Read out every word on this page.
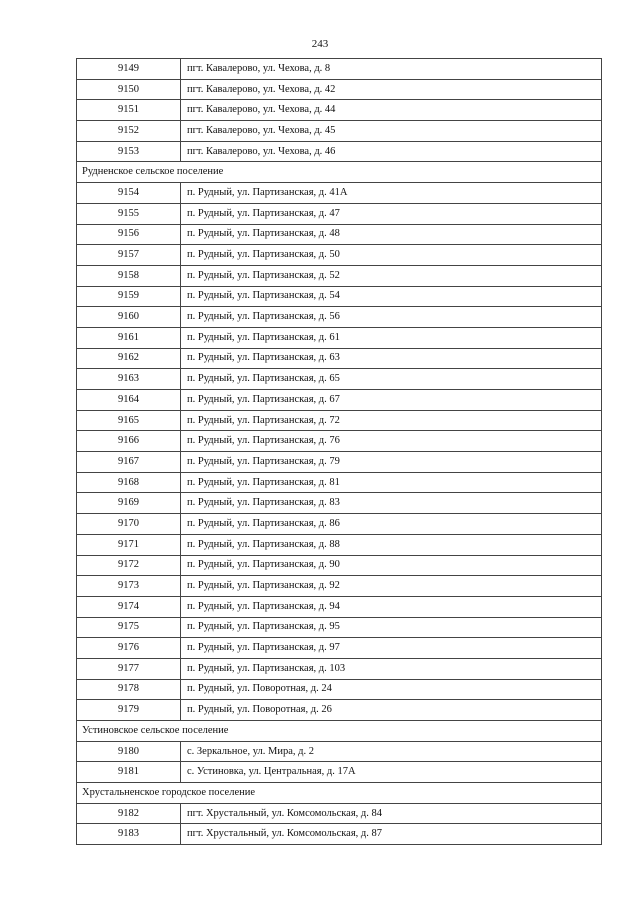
243
9149	пгт. Кавалерово, ул. Чехова, д. 8
9150	пгт. Кавалерово, ул. Чехова, д. 42
9151	пгт. Кавалерово, ул. Чехова, д. 44
9152	пгт. Кавалерово, ул. Чехова, д. 45
9153	пгт. Кавалерово, ул. Чехова, д. 46
Рудненское сельское поселение	
9154	п. Рудный, ул. Партизанская, д. 41А
9155	п. Рудный, ул. Партизанская, д. 47
9156	п. Рудный, ул. Партизанская, д. 48
9157	п. Рудный, ул. Партизанская, д. 50
9158	п. Рудный, ул. Партизанская, д. 52
9159	п. Рудный, ул. Партизанская, д. 54
9160	п. Рудный, ул. Партизанская, д. 56
9161	п. Рудный, ул. Партизанская, д. 61
9162	п. Рудный, ул. Партизанская, д. 63
9163	п. Рудный, ул. Партизанская, д. 65
9164	п. Рудный, ул. Партизанская, д. 67
9165	п. Рудный, ул. Партизанская, д. 72
9166	п. Рудный, ул. Партизанская, д. 76
9167	п. Рудный, ул. Партизанская, д. 79
9168	п. Рудный, ул. Партизанская, д. 81
9169	п. Рудный, ул. Партизанская, д. 83
9170	п. Рудный, ул. Партизанская, д. 86
9171	п. Рудный, ул. Партизанская, д. 88
9172	п. Рудный, ул. Партизанская, д. 90
9173	п. Рудный, ул. Партизанская, д. 92
9174	п. Рудный, ул. Партизанская, д. 94
9175	п. Рудный, ул. Партизанская, д. 95
9176	п. Рудный, ул. Партизанская, д. 97
9177	п. Рудный, ул. Партизанская, д. 103
9178	п. Рудный, ул. Поворотная, д. 24
9179	п. Рудный, ул. Поворотная, д. 26
Устиновское сельское поселение	
9180	с. Зеркальное, ул. Мира, д. 2
9181	с. Устиновка, ул. Центральная, д. 17А
Хрустальненское городское поселение	
9182	пгт. Хрустальный, ул. Комсомольская, д. 84
9183	пгт. Хрустальный, ул. Комсомольская, д. 87
